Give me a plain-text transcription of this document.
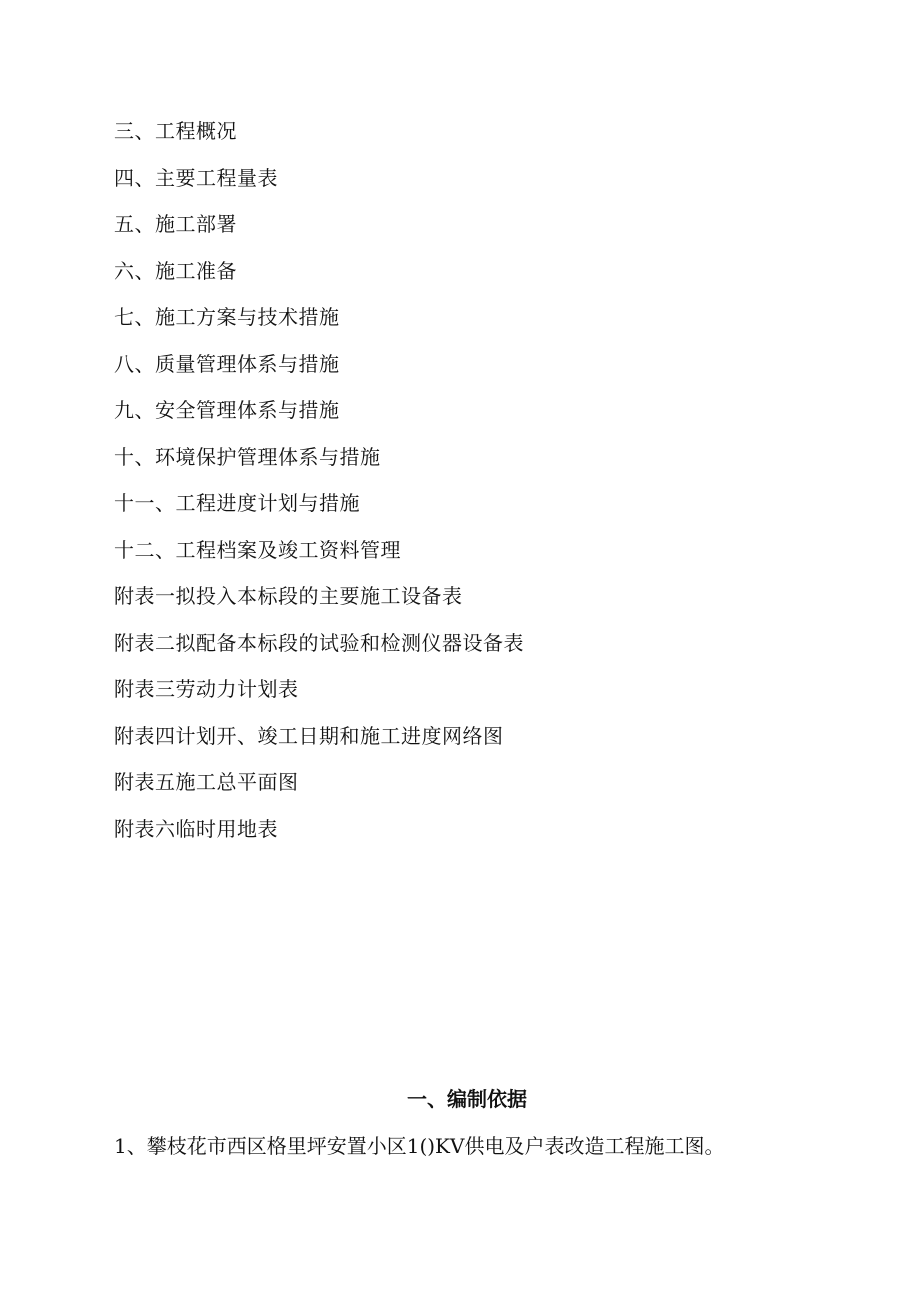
三、工程概况
四、主要工程量表
五、施工部署
六、施工准备
七、施工方案与技术措施
八、质量管理体系与措施
九、安全管理体系与措施
十、环境保护管理体系与措施
十一、工程进度计划与措施
十二、工程档案及竣工资料管理
附表一拟投入本标段的主要施工设备表
附表二拟配备本标段的试验和检测仪器设备表
附表三劳动力计划表
附表四计划开、竣工日期和施工进度网络图
附表五施工总平面图
附表六临时用地表
一、编制依据
1、攀枝花市西区格里坪安置小区1()KV供电及户表改造工程施工图。
